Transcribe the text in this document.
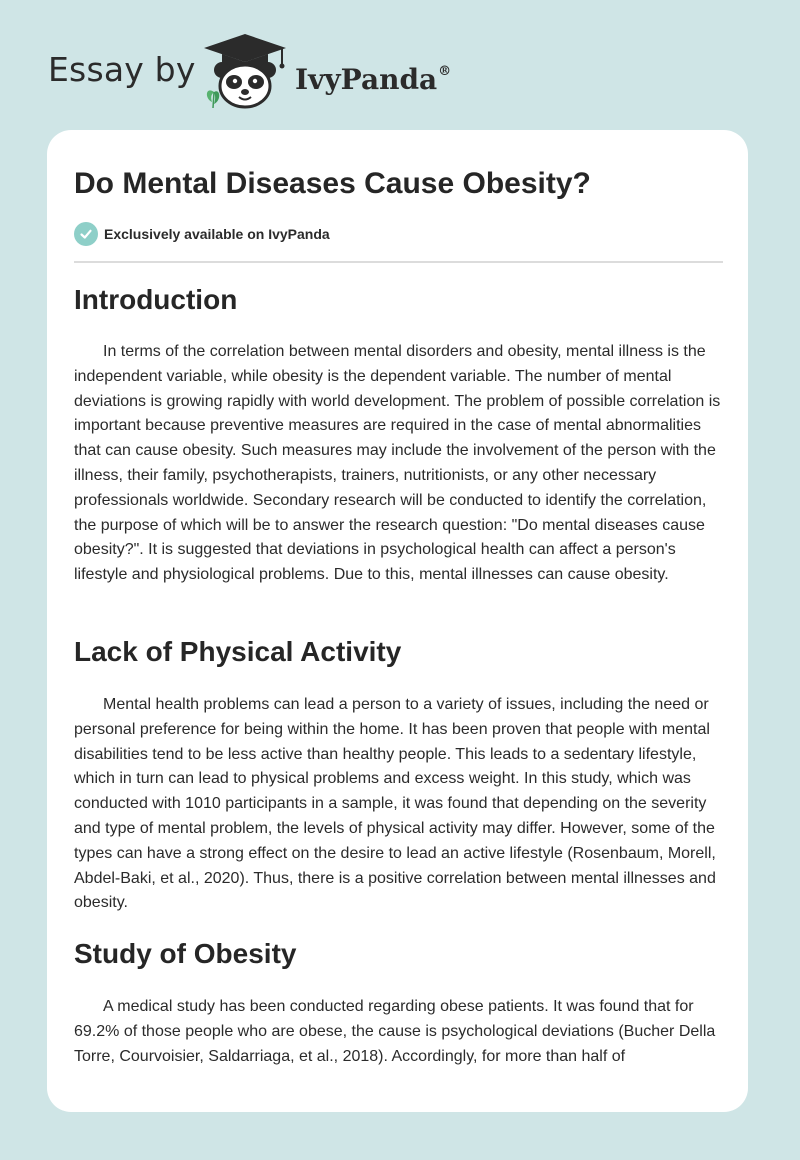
Essay by	IvyPanda®
Do Mental Diseases Cause Obesity?
Exclusively available on IvyPanda
Introduction

In terms of the correlation between mental disorders and obesity, mental illness is the independent variable, while obesity is the dependent variable. The number of mental deviations is growing rapidly with world development. The problem of possible correlation is important because preventive measures are required in the case of mental abnormalities that can cause obesity. Such measures may include the involvement of the person with the illness, their family, psychotherapists, trainers, nutritionists, or any other necessary professionals worldwide. Secondary research will be conducted to identify the correlation, the purpose of which will be to answer the research question: "Do mental diseases cause obesity?". It is suggested that deviations in psychological health can affect a person's lifestyle and physiological problems. Due to this, mental illnesses can cause obesity.

Lack of Physical Activity

Mental health problems can lead a person to a variety of issues, including the need or personal preference for being within the home. It has been proven that people with mental disabilities tend to be less active than healthy people. This leads to a sedentary lifestyle, which in turn can lead to physical problems and excess weight. In this study, which was conducted with 1010 participants in a sample, it was found that depending on the severity and type of mental problem, the levels of physical activity may differ. However, some of the types can have a strong effect on the desire to lead an active lifestyle (Rosenbaum, Morell, Abdel-Baki, et al., 2020). Thus, there is a positive correlation between mental illnesses and obesity.

Study of Obesity

A medical study has been conducted regarding obese patients. It was found that for 69.2% of those people who are obese, the cause is psychological deviations (Bucher Della Torre, Courvoisier, Saldarriaga, et al., 2018). Accordingly, for more than half of
